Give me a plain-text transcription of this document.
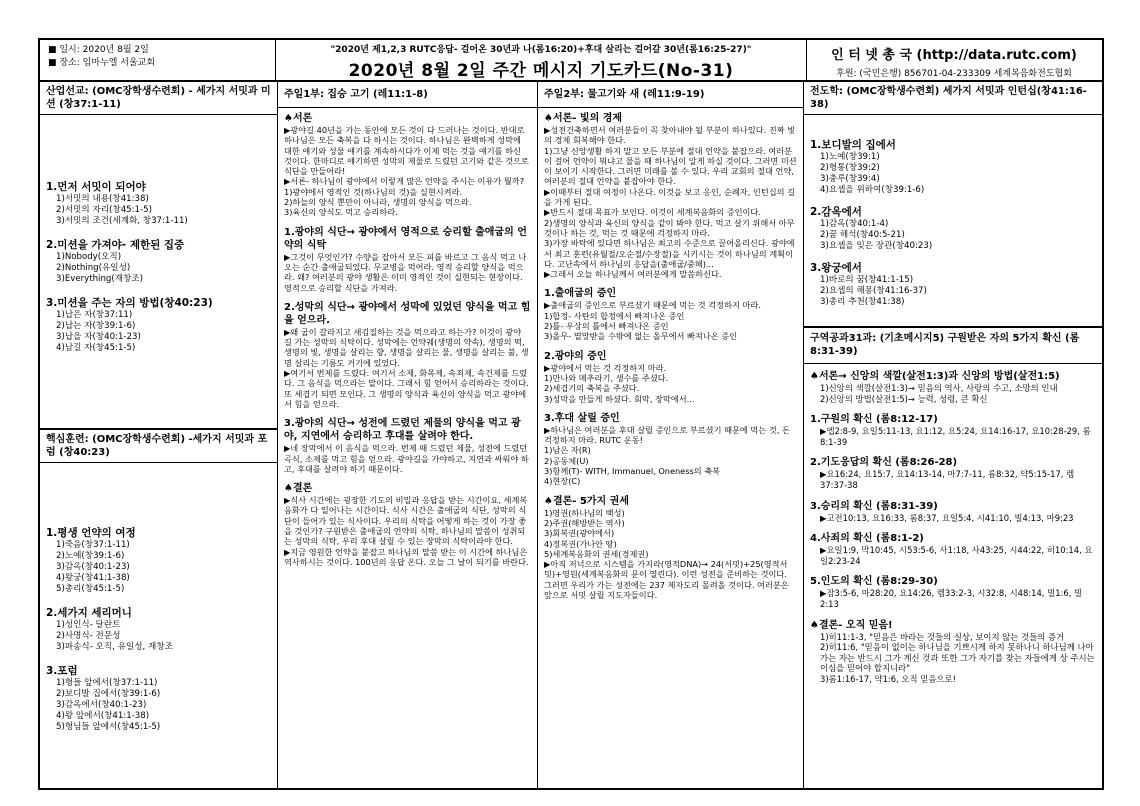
■ 일시: 2020년 8월 2일
■ 장소: 임마누엘 서울교회
"2020년 제1,2,3 RUTC응답- 걸어온 30년과 나(롬16:20)+후대 살리는 걸어갈 30년(롬16:25-27)"
2020년 8월 2일 주간 메시지 기도카드(No-31)
인 터 넷 총 국 (http://data.rutc.com)
후원: (국민은행) 856701-04-233309 세계복음화전도협회
산업선교: (OMC장학생수련회) - 세가지 서밋과 미션 (창37:1-11)
1.먼저 서밋이 되어야
1)서밋의 내용(창41:38)
2)서밋의 자리(창45:1-5)
3)서밋의 조건(세계화, 창37:1-11)
2.미션을 가져야- 제한된 집중
1)Nobody(오직)
2)Nothing(유일성)
3)Everything(재창조)
3.미션을 주는 자의 방법(창40:23)
1)납은 자(창37:11)
2)납는 자(창39:1-6)
3)납을 자(창40:1-23)
4)남길 자(창45:1-5)
핵심훈련: (OMC장학생수련회) -세가지 서밋과 포럼 (창40:23)
1.평생 언약의 여정
1)죽음(창37:1-11)
2)노예(창39:1-6)
3)감옥(창40:1-23)
4)왕궁(창41:1-38)
5)총리(창45:1-5)
2.세가지 세리머니
1)성인식- 달란트
2)사명식- 전문성
3)파송식- 오직, 유일성, 재창조
3.포럼
1)형들 앞에서(창37:1-11)
2)보디발 집에서(창39:1-6)
3)감옥에서(창40:1-23)
4)왕 앞에서(창41:1-38)
5)형님들 앞에서(창45:1-5)
주일1부: 집승 고기 (레11:1-8)
♠서론
▶광야길 40년을 가는 동안에 모든 것이 다 드러나는 것이다. 반대로 하나님은 모든 축복을 다 하시는 것이다. 하나님은 완벽하게 성막에 대한 얘기와 성물 얘기를 계속하시다가 이제 먹는 것을 얘기를 하신 것이다. 한마디로 얘기하면 성막의 제물로 드렸던 고기와 같은 것으로 식단을 만들어라!
▶서론- 하나님이 광야에서 이렇게 많은 언약을 주시는 이유가 뭘까?
1)광야에서 영적인 것(하나님의 것)을 실현시켜라.
2)하늘의 양식 뿐만이 아니라, 생명의 양식을 먹으라.
3)육신의 양식도 먹고 승리하라.
1.광야의 식단→ 광야에서 영적으로 승리할 출애굽의 언약의 식탁
▶그것이 무엇인가? 수양을 잡아서 모든 피를 바르고 그 음식 먹고 나오는 순간 출애굽되었다. 무교병을 먹어라. 영적 승리할 양식을 먹으라. 왜? 여러분의 광야 생활은 이미 영적인 것이 실현되는 현장이다. 영적으로 승리할 식단을 가져라.
2.성막의 식단→ 광야에서 성막에 있었던 양식을 먹고 힘을 얻으라.
▶왜 굽이 갈라지고 새김질하는 것을 먹으라고 하는가? 이것이 광야 길 가는 성막의 식탁이다. 성막에는 언약궤(생명의 약속), 생명의 떡, 생명의 빛, 생명을 살리는 향, 생명을 살리는 물, 생명을 살리는 불, 생명 살리는 기름도 거기에 있었다.
▶여기서 번제를 드렸다. 여기서 소제, 화목제, 속죄제, 속건제를 드렸다. 그 음식을 먹으라는 말이다. 그래서 힘 얻어서 승리하라는 것이다. 또 세겹기 되면 모인다. 그 생명의 양식과 육신의 양식을 먹고 광야에서 힘을 얻으라.
3.광야의 식단→ 성전에 드렸던 제물의 양식을 먹고 광야, 지연에서 승리하고 후대를 살려야 한다.
▶네 장막에서 이 음식을 먹으라. 번제 때 드렸던 제물, 성전에 드렸던 곡식, 소제를 먹고 힘을 얻으라. 광야길을 가야하고, 지연과 싸워야 하고, 후대를 살려야 하기 때문이다.
♠결론
▶식사 시간에는 굉장한 기도의 비밀과 응답을 받는 시간이요, 세계복음화가 다 일어나는 시간이다. 식사 시간은 출애굽의 식단, 성막의 식단이 들어가 있는 식사이다. 우리의 식탁을 어떻게 하는 것이 가장 좋을 것인가? 구원받은 출애굽의 언약의 식탁, 하나님의 말씀이 성취되는 성막의 식탁, 우리 후대 살릴 수 있는 장막의 식탁이라야 한다.
▶지금 영원한 언약을 붙잡고 하나님의 말씀 받는 이 시간에 하나님은 역사하시는 것이다. 100년의 응답 온다. 오늘 그 날이 되기를 바란다.
주일2부: 물고기와 새 (레11:9-19)
♠서론- 빛의 경제
▶성전건축하면서 여러분들이 꼭 찾아내야 될 부분이 하나있다. 진짜 빛의 경제 회복해야 한다.
1)그냥 신앙생활 하지 말고 모든 부분에 절대 언약을 붙잡으라. 여러분이 걸어 언약이 뭐냐고 물을 때 하나님이 알게 하실 것이다. 그러면 미션이 보이기 시작한다. 그러면 미래를 볼 수 있다. 우리 교회의 절대 언약, 여러분의 절대 언약을 붙잡아야 한다.
▶이때부터 절대 여정이 나온다. 이것을 보고 응인, 순례자, 인턴십의 길을 가게 된다.
▶반드시 절대 목표가 보인다. 이것이 세계복음화의 증인이다.
2)생명의 양식과 육신의 양식을 같이 봐야 한다. 먹고 살기 위해서 아무것이나 하는 것, 먹는 것 때문에 걱정하지 마라.
3)가장 바탁에 있다면 하나님은 최고의 수준으로 끌어올리신다. 광야에서 최고 훈련(유월절/오순절/수장절)을 시키시는 것이 하나님의 계획이다. 고난속에서 하나님의 응답을(출애굽/중해)...
▶그래서 오늘 하나님께서 여러분에게 말씀하신다.
1.출애굽의 증인
▶출애굽의 증인으로 부르셨기 때문에 먹는 것 걱정하지 마라.
1)합정- 사탄의 합정에서 빠져나온 증인
2)틀- 우상의 틀에서 빠져나온 증인
3)올무- 멸망받을 수밖에 없는 올무에서 빠져나온 증인
2.광야의 증인
▶광야에서 먹는 것 걱정하지 마라.
1)만나와 메추라기, 생수를 주셨다.
2)세겹기의 축복을 주셨다.
3)성막을 만들게 하셨다. 회막, 장막에서...
3.후대 살릴 증인
▶하나님은 여러분을 후대 살릴 증인으로 부르셨기 때문에 먹는 것, 돈 걱정하지 마라. RUTC 운동!
1)남은 자(R)
2)공동체(U)
3)함께(T)- WITH, Immanuel, Oneness의 축복
4)현장(C)
♠결론- 5가지 권세
1)영권(하나님의 백성)
2)주권(해방받는 역사)
3)회복권(광야에서)
4)정복권(가나안 땅)
5)세계복음화의 권세(경제권)
▶아직 저넉으로 시스템을 가지라(영적DNA)→ 24(서밋)+25(영적서밋)+영원(세계복음화의 문이 열린다). 이런 성전을 준비하는 것이다. 그러면 우리가 가는 성전에는 237 제자도리 몰려올 것이다. 여러분은 앞으로 서밋 살릴 지도자들이다.
전도학: (OMC장학생수련회) 세가지 서밋과 인턴십(창41:16-38)
1.보디발의 집에서
1)노예(창39:1)
2)형통(창39:2)
3)충루(창39:4)
4)요셉을 위하여(창39:1-6)
2.감옥에서
1)감옥(창40:1-4)
2)꿈 해석(창40:5-21)
3)요셉을 잊은 장관(창40:23)
3.왕궁에서
1)바로의 꿈(창41:1-15)
2)요셉의 해몽(창41:16-37)
3)총리 추천(창41:38)
구역공과31과: (기초메시지5) 구원받은 자의 5가지 확신 (롬8:31-39)
♠서론→ 신앙의 색깔(살전1:3)과 신앙의 방법(살전1:5)
1)신앙의 색깔(살전1:3)→ 믿음의 역사, 사랑의 수고, 소망의 인내
2)신앙의 방법(살전1:5)→ 능력, 성령, 큰 확신
1.구원의 확신 (롬8:12-17)
▶엡2:8-9, 요일5:11-13, 요1:12, 요5:24, 요14:16-17, 요10:28-29, 롬8:1-39
2.기도응답의 확신 (롬8:26-28)
▶요16:24, 요15:7, 요14:13-14, 마7:7-11, 롬8:32, 약5:15-17, 렘37:37-38
3.승리의 확신 (롬8:31-39)
▶고전10:13, 요16:33, 롬8:37, 요일5:4, 시41:10, 빌4:13, 마9:23
4.사죄의 확신 (롬8:1-2)
▶요일1:9, 막10:45, 시53:5-6, 사1:18, 사43:25, 시44:22, 히10:14, 요일2:23-24
5.인도의 확신 (롬8:29-30)
▶잠3:5-6, 마28:20, 요14:26, 렘33:2-3, 시32:8, 시48:14, 빌1:6, 빌2:13
♠결론- 오직 믿음!
1)히11:1-3, "믿음은 바라는 것들의 실상, 보이지 않는 것들의 증거
2)히11:6, "믿음이 없이는 하나님을 기쁘시게 하지 못하나니 하나님께 나아가는 자는 반드시 그가 계신 것과 또한 그가 자기를 찾는 자들에게 상 주시는 이심을 믿어야 할지니라"
3)롬1:16-17, 약1:6, 오직 믿음으로!
